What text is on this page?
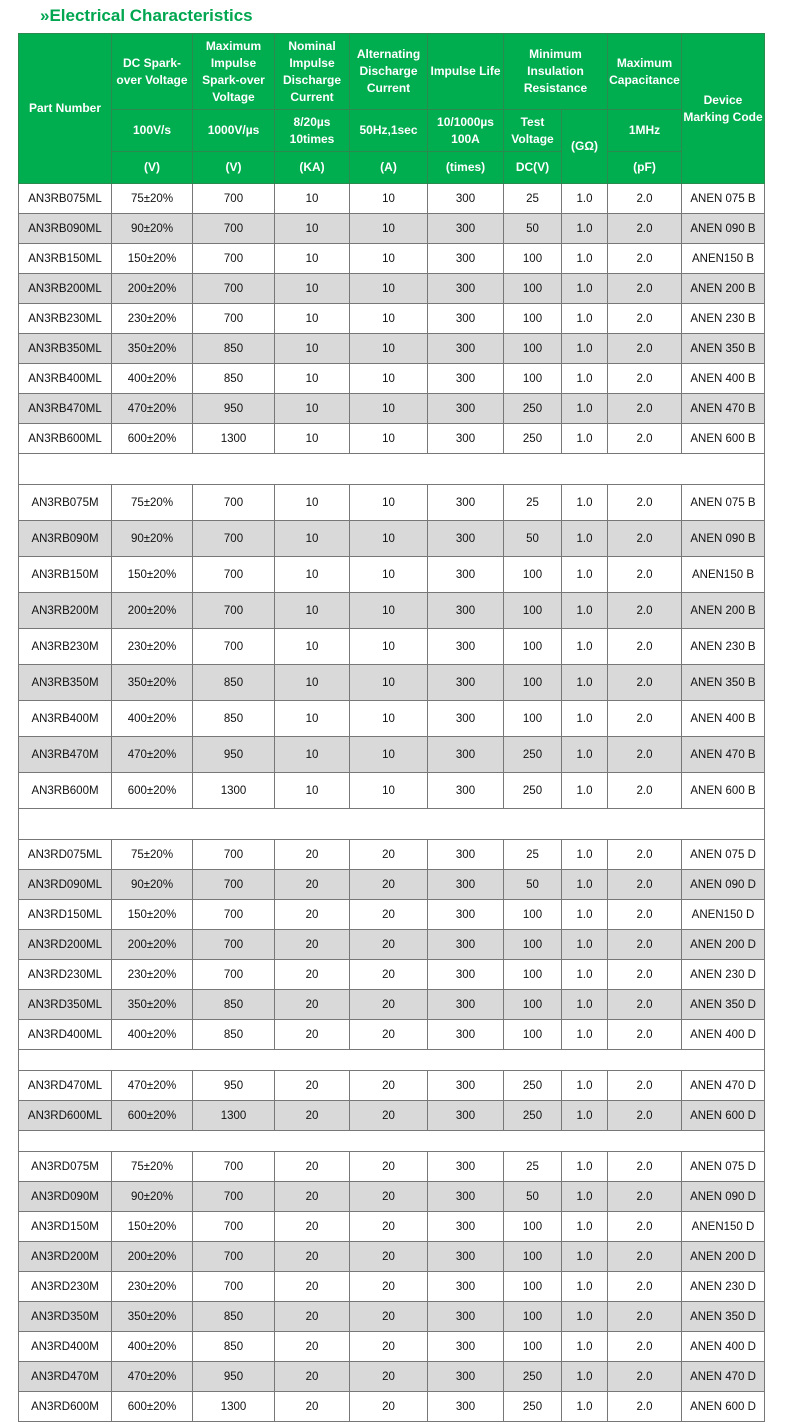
»Electrical Characteristics
Part Number	DC Spark-over Voltage	Maximum Impulse Spark-over Voltage	Nominal Impulse Discharge Current	Alternating Discharge Current	Impulse Life	Minimum Insulation Resistance		Maximum Capacitance	Device Marking Code
	100V/s	1000V/µs	8/20µs 10times	50Hz,1sec	10/1000µs 100A	Test Voltage	(GΩ)	1MHz	
	(V)	(V)	(KA)	(A)	(times)	DC(V)		(pF)	
AN3RB075ML	75±20%	700	10	10	300	25	1.0	2.0	ANEN 075 B
AN3RB090ML	90±20%	700	10	10	300	50	1.0	2.0	ANEN 090 B
AN3RB150ML	150±20%	700	10	10	300	100	1.0	2.0	ANEN150 B
AN3RB200ML	200±20%	700	10	10	300	100	1.0	2.0	ANEN 200 B
AN3RB230ML	230±20%	700	10	10	300	100	1.0	2.0	ANEN 230 B
AN3RB350ML	350±20%	850	10	10	300	100	1.0	2.0	ANEN 350 B
AN3RB400ML	400±20%	850	10	10	300	100	1.0	2.0	ANEN 400 B
AN3RB470ML	470±20%	950	10	10	300	250	1.0	2.0	ANEN 470 B
AN3RB600ML	600±20%	1300	10	10	300	250	1.0	2.0	ANEN 600 B

AN3RB075M	75±20%	700	10	10	300	25	1.0	2.0	ANEN 075 B
AN3RB090M	90±20%	700	10	10	300	50	1.0	2.0	ANEN 090 B
AN3RB150M	150±20%	700	10	10	300	100	1.0	2.0	ANEN150 B
AN3RB200M	200±20%	700	10	10	300	100	1.0	2.0	ANEN 200 B
AN3RB230M	230±20%	700	10	10	300	100	1.0	2.0	ANEN 230 B
AN3RB350M	350±20%	850	10	10	300	100	1.0	2.0	ANEN 350 B
AN3RB400M	400±20%	850	10	10	300	100	1.0	2.0	ANEN 400 B
AN3RB470M	470±20%	950	10	10	300	250	1.0	2.0	ANEN 470 B
AN3RB600M	600±20%	1300	10	10	300	250	1.0	2.0	ANEN 600 B

AN3RD075ML	75±20%	700	20	20	300	25	1.0	2.0	ANEN 075 D
AN3RD090ML	90±20%	700	20	20	300	50	1.0	2.0	ANEN 090 D
AN3RD150ML	150±20%	700	20	20	300	100	1.0	2.0	ANEN150 D
AN3RD200ML	200±20%	700	20	20	300	100	1.0	2.0	ANEN 200 D
AN3RD230ML	230±20%	700	20	20	300	100	1.0	2.0	ANEN 230 D
AN3RD350ML	350±20%	850	20	20	300	100	1.0	2.0	ANEN 350 D
AN3RD400ML	400±20%	850	20	20	300	100	1.0	2.0	ANEN 400 D

AN3RD470ML	470±20%	950	20	20	300	250	1.0	2.0	ANEN 470 D
AN3RD600ML	600±20%	1300	20	20	300	250	1.0	2.0	ANEN 600 D

AN3RD075M	75±20%	700	20	20	300	25	1.0	2.0	ANEN 075 D
AN3RD090M	90±20%	700	20	20	300	50	1.0	2.0	ANEN 090 D
AN3RD150M	150±20%	700	20	20	300	100	1.0	2.0	ANEN150 D
AN3RD200M	200±20%	700	20	20	300	100	1.0	2.0	ANEN 200 D
AN3RD230M	230±20%	700	20	20	300	100	1.0	2.0	ANEN 230 D
AN3RD350M	350±20%	850	20	20	300	100	1.0	2.0	ANEN 350 D
AN3RD400M	400±20%	850	20	20	300	100	1.0	2.0	ANEN 400 D
AN3RD470M	470±20%	950	20	20	300	250	1.0	2.0	ANEN 470 D
AN3RD600M	600±20%	1300	20	20	300	250	1.0	2.0	ANEN 600 D
